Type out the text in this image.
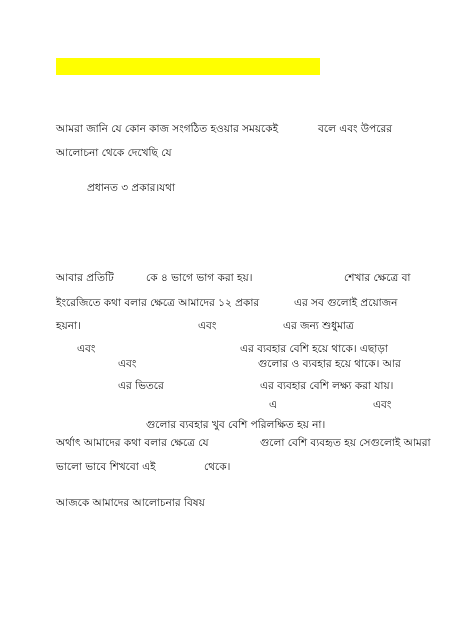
আমরা জানি যে কোন কাজ সংগঠিত হওয়ার সময়কেই	বলে এবং উপরের
আলোচনা থেকে দেখেছি যে
প্রধানত ৩ প্রকার।যথা
আবার প্রতিটি	কে ৪ ভাগে ভাগ করা হয়।	শেখার ক্ষেত্রে বা
ইংরেজিতে কথা বলার ক্ষেত্রে আমাদের ১২ প্রকার	এর সব গুলোই প্রয়োজন
হয়না।	এবং	এর জন্য শুধুমাত্র
এবং	এর ব্যবহার বেশি হয়ে থাকে। এছাড়া
এবং	গুলোর ও ব্যবহার হয়ে থাকে। আর
এর ভিতরে	এর ব্যবহার বেশি লক্ষ্য করা যায়।
এ	এবং
গুলোর ব্যবহার খুব বেশি পরিলক্ষিত হয় না।
অর্থাৎ আমাদের কথা বলার ক্ষেত্রে যে	গুলো বেশি ব্যবহৃত হয় সেগুলোই আমরা
ভালো ভাবে শিখবো এই	থেকে।
আজকে আমাদের আলোচনার বিষয়
